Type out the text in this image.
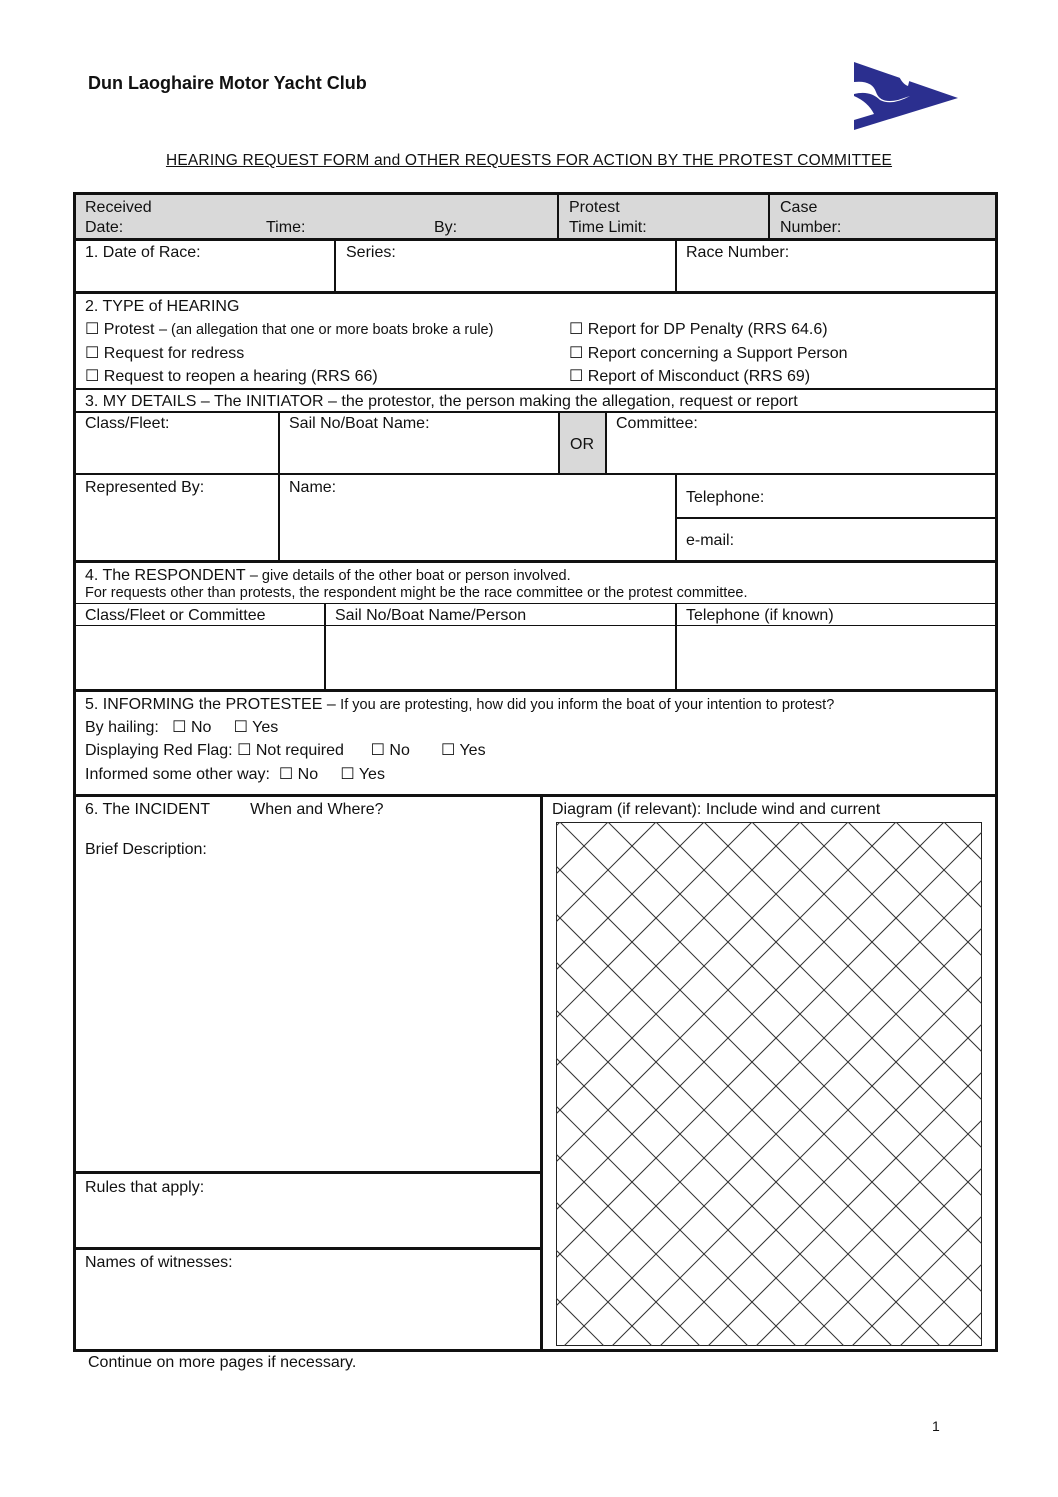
Dun Laoghaire Motor Yacht Club
HEARING REQUEST FORM and OTHER REQUESTS FOR ACTION BY THE PROTEST COMMITTEE
Received
Date:	Time:	By:
Protest
Time Limit:
Case
Number:
1. Date of Race:	Series:	Race Number:
2. TYPE of HEARING
☐ Protest – (an allegation that one or more boats broke a rule)
☐ Request for redress
☐ Request to reopen a hearing (RRS 66)
☐ Report for DP Penalty (RRS 64.6)
☐ Report concerning a Support Person
☐ Report of Misconduct (RRS 69)
3. MY DETAILS – The INITIATOR – the protestor, the person making the allegation, request or report
Class/Fleet:	Sail No/Boat Name:
OR
Committee:
Represented By:	Name:
Telephone:
e-mail:
4. The RESPONDENT – give details of the other boat or person involved.
For requests other than protests, the respondent might be the race committee or the protest committee.
Class/Fleet or Committee	Sail No/Boat Name/Person	Telephone (if known)
5. INFORMING the PROTESTEE – If you are protesting, how did you inform the boat of your intention to protest?
By hailing: ☐ No ☐ Yes
Displaying Red Flag: ☐ Not required ☐ No ☐ Yes
Informed some other way: ☐ No ☐ Yes
6. The INCIDENT	When and Where?
Brief Description:
Rules that apply:
Names of witnesses:
Diagram (if relevant): Include wind and current
Continue on more pages if necessary.
1
